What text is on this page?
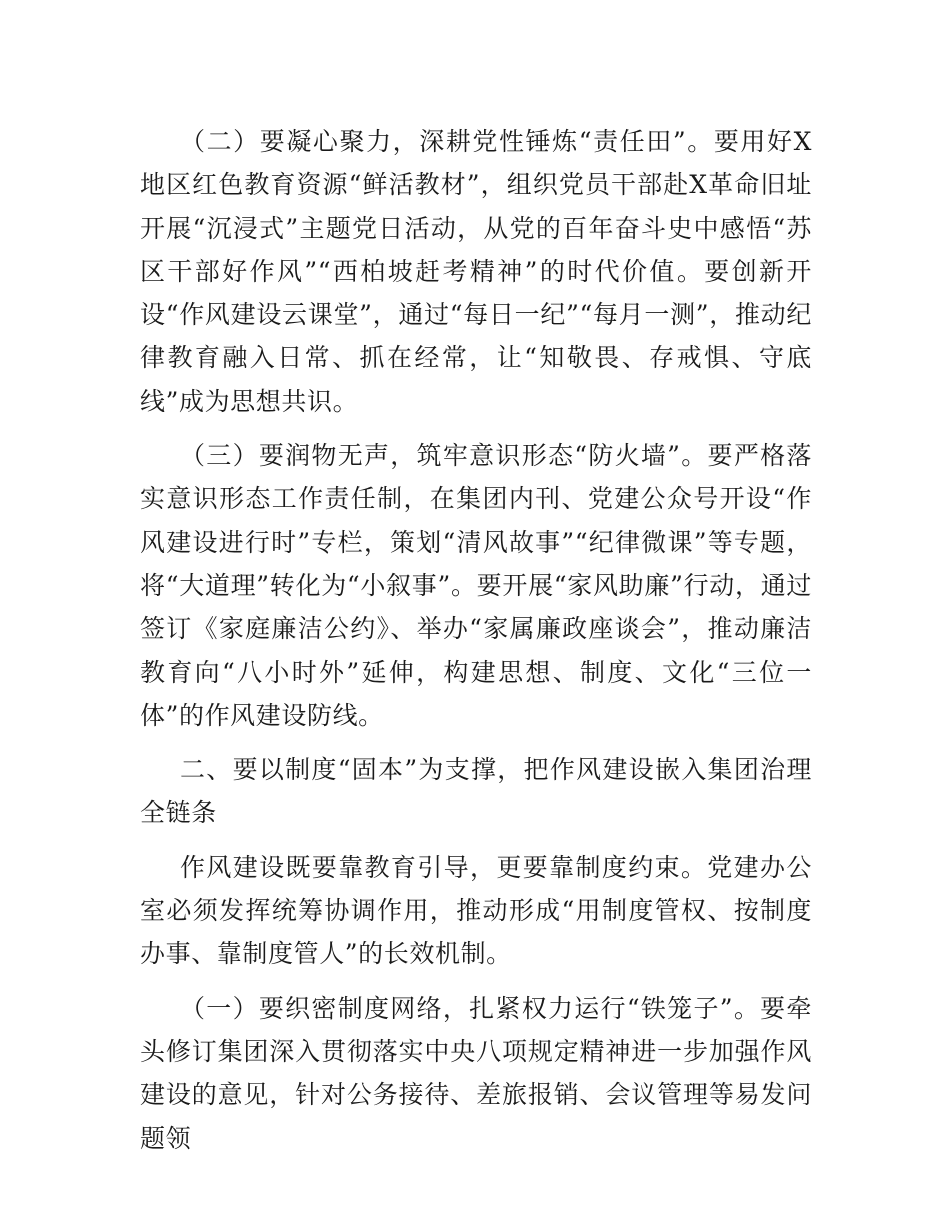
（二）要凝心聚力，深耕党性锤炼“责任田”。要用好X地区红色教育资源“鲜活教材”，组织党员干部赴X革命旧址开展“沉浸式”主题党日活动，从党的百年奋斗史中感悟“苏区干部好作风”“西柏坡赶考精神”的时代价值。要创新开设“作风建设云课堂”，通过“每日一纪”“每月一测”，推动纪律教育融入日常、抓在经常，让“知敬畏、存戒惧、守底线”成为思想共识。

（三）要润物无声，筑牢意识形态“防火墙”。要严格落实意识形态工作责任制，在集团内刊、党建公众号开设“作风建设进行时”专栏，策划“清风故事”“纪律微课”等专题，将“大道理”转化为“小叙事”。要开展“家风助廉”行动，通过签订《家庭廉洁公约》、举办“家属廉政座谈会”，推动廉洁教育向“八小时外”延伸，构建思想、制度、文化“三位一体”的作风建设防线。

二、要以制度“固本”为支撑，把作风建设嵌入集团治理全链条

作风建设既要靠教育引导，更要靠制度约束。党建办公室必须发挥统筹协调作用，推动形成“用制度管权、按制度办事、靠制度管人”的长效机制。

（一）要织密制度网络，扎紧权力运行“铁笼子”。要牵头修订集团深入贯彻落实中央八项规定精神进一步加强作风建设的意见，针对公务接待、差旅报销、会议管理等易发问题领
